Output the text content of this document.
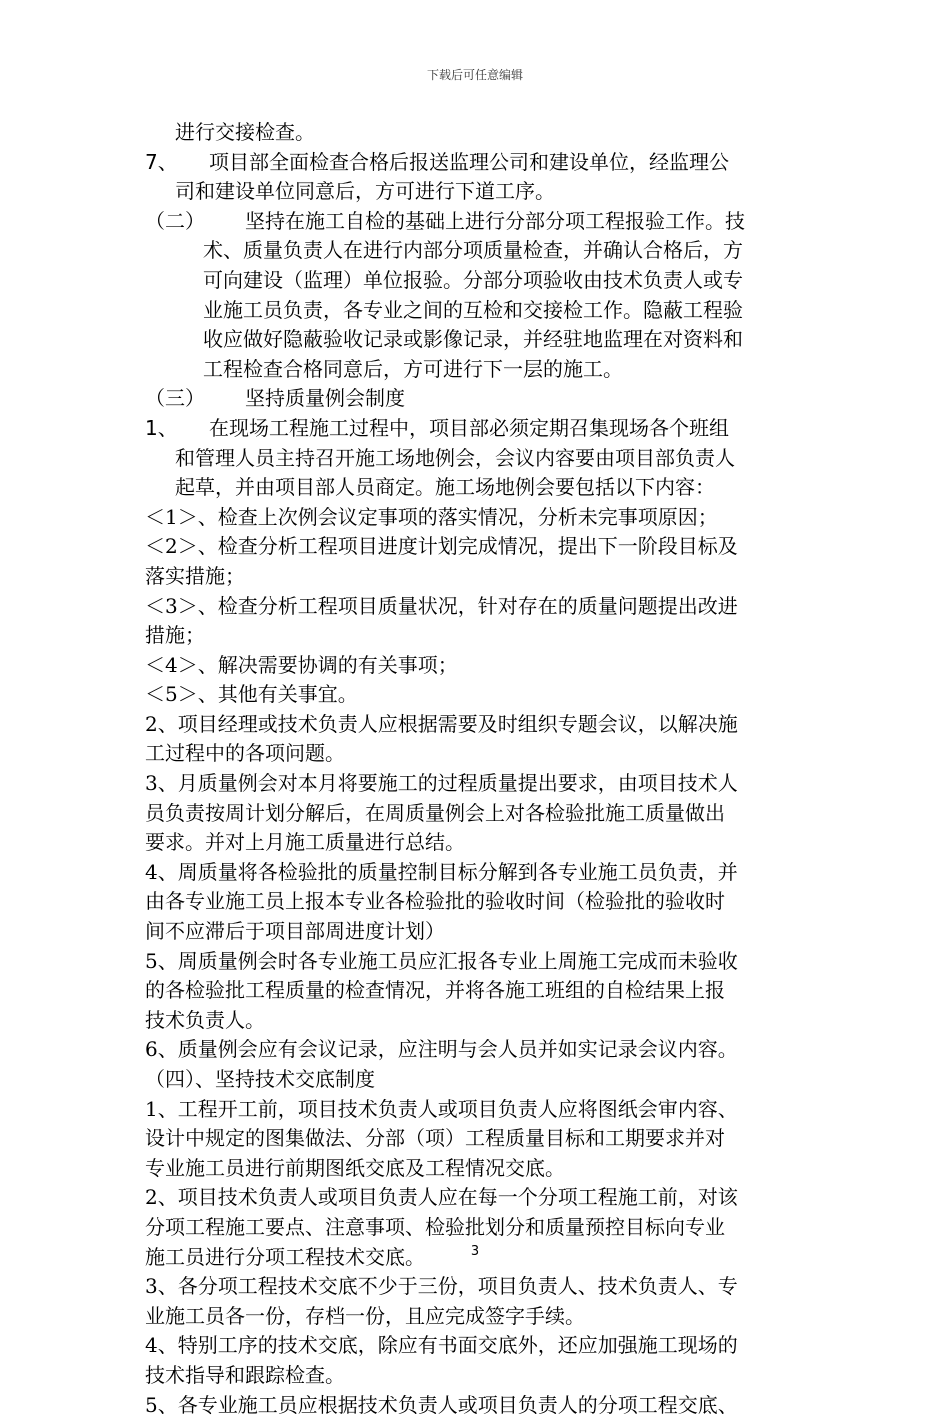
下载后可任意编辑
进行交接检查。
7、 项目部全面检查合格后报送监理公司和建设单位，经监理公
司和建设单位同意后，方可进行下道工序。
（二） 坚持在施工自检的基础上进行分部分项工程报验工作。技
术、质量负责人在进行内部分项质量检查，并确认合格后，方
可向建设（监理）单位报验。分部分项验收由技术负责人或专
业施工员负责，各专业之间的互检和交接检工作。隐蔽工程验
收应做好隐蔽验收记录或影像记录，并经驻地监理在对资料和
工程检查合格同意后，方可进行下一层的施工。
（三） 坚持质量例会制度
1、 在现场工程施工过程中，项目部必须定期召集现场各个班组
和管理人员主持召开施工场地例会，会议内容要由项目部负责人
起草，并由项目部人员商定。施工场地例会要包括以下内容：
＜1＞、检查上次例会议定事项的落实情况，分析未完事项原因；
＜2＞、检查分析工程项目进度计划完成情况，提出下一阶段目标及
落实措施；
＜3＞、检查分析工程项目质量状况，针对存在的质量问题提出改进
措施；
＜4＞、解决需要协调的有关事项；
＜5＞、其他有关事宜。
2、项目经理或技术负责人应根据需要及时组织专题会议，以解决施
工过程中的各项问题。
3、月质量例会对本月将要施工的过程质量提出要求，由项目技术人
员负责按周计划分解后，在周质量例会上对各检验批施工质量做出
要求。并对上月施工质量进行总结。
4、周质量将各检验批的质量控制目标分解到各专业施工员负责，并
由各专业施工员上报本专业各检验批的验收时间（检验批的验收时
间不应滞后于项目部周进度计划）
5、周质量例会时各专业施工员应汇报各专业上周施工完成而未验收
的各检验批工程质量的检查情况，并将各施工班组的自检结果上报
技术负责人。
6、质量例会应有会议记录，应注明与会人员并如实记录会议内容。
（四）、坚持技术交底制度
1、工程开工前，项目技术负责人或项目负责人应将图纸会审内容、
设计中规定的图集做法、分部（项）工程质量目标和工期要求并对
专业施工员进行前期图纸交底及工程情况交底。
2、项目技术负责人或项目负责人应在每一个分项工程施工前，对该
分项工程施工要点、注意事项、检验批划分和质量预控目标向专业
施工员进行分项工程技术交底。
3、各分项工程技术交底不少于三份，项目负责人、技术负责人、专
业施工员各一份，存档一份，且应完成签字手续。
4、特别工序的技术交底，除应有书面交底外，还应加强施工现场的
技术指导和跟踪检查。
5、各专业施工员应根据技术负责人或项目负责人的分项工程交底、
3
